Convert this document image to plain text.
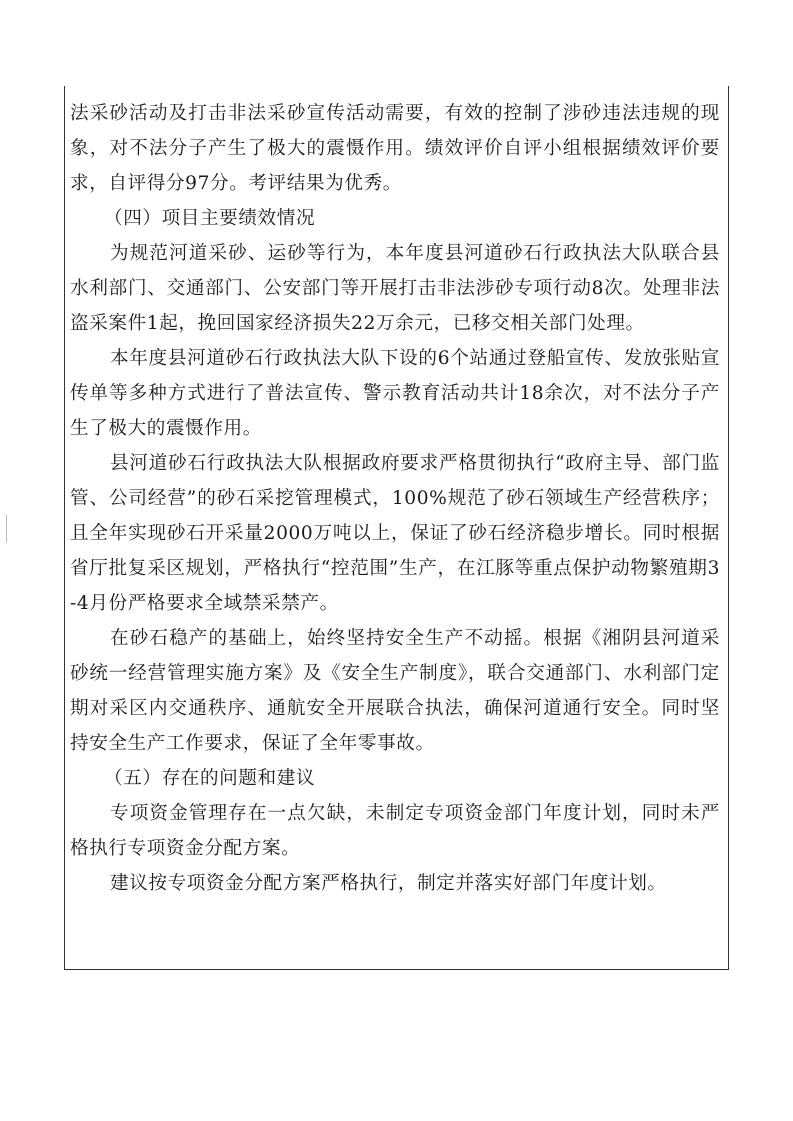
法采砂活动及打击非法采砂宣传活动需要，有效的控制了涉砂违法违规的现象，对不法分子产生了极大的震慑作用。绩效评价自评小组根据绩效评价要求，自评得分97分。考评结果为优秀。

（四）项目主要绩效情况

为规范河道采砂、运砂等行为，本年度县河道砂石行政执法大队联合县水利部门、交通部门、公安部门等开展打击非法涉砂专项行动8次。处理非法盗采案件1起，挽回国家经济损失22万余元，已移交相关部门处理。

本年度县河道砂石行政执法大队下设的6个站通过登船宣传、发放张贴宣传单等多种方式进行了普法宣传、警示教育活动共计18余次，对不法分子产生了极大的震慑作用。

县河道砂石行政执法大队根据政府要求严格贯彻执行“政府主导、部门监管、公司经营”的砂石采挖管理模式，100%规范了砂石领域生产经营秩序；且全年实现砂石开采量2000万吨以上，保证了砂石经济稳步增长。同时根据省厅批复采区规划，严格执行“控范围”生产，在江豚等重点保护动物繁殖期3-4月份严格要求全域禁采禁产。

在砂石稳产的基础上，始终坚持安全生产不动摇。根据《湘阴县河道采砂统一经营管理实施方案》及《安全生产制度》，联合交通部门、水利部门定期对采区内交通秩序、通航安全开展联合执法，确保河道通行安全。同时坚持安全生产工作要求，保证了全年零事故。

（五）存在的问题和建议

专项资金管理存在一点欠缺，未制定专项资金部门年度计划，同时未严格执行专项资金分配方案。

建议按专项资金分配方案严格执行，制定并落实好部门年度计划。
